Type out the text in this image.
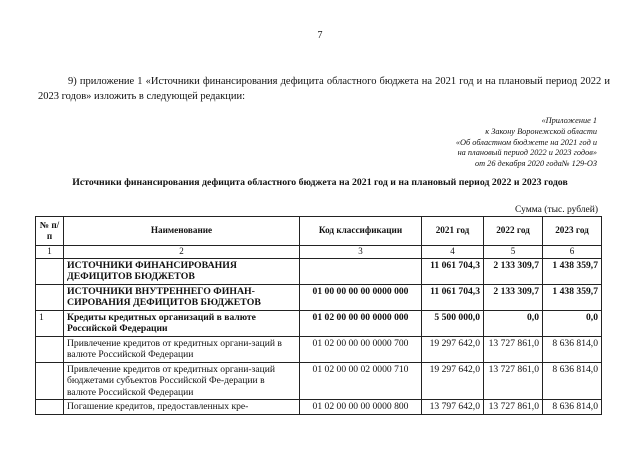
7
9) приложение 1 «Источники финансирования дефицита областного бюджета на 2021 год и на плановый период 2022 и 2023 годов» изложить в следующей редакции:
«Приложение 1
к Закону Воронежской области
«Об областном бюджете на 2021 год и
на плановый период 2022 и 2023 годов»
от 26 декабря 2020 года№ 129-ОЗ
Источники финансирования дефицита областного бюджета на 2021 год и на плановый период 2022 и 2023 годов
Сумма (тыс. рублей)
№ п/п	Наименование	Код классификации	2021 год	2022 год	2023 год
1	2	3	4	5	6
	ИСТОЧНИКИ ФИНАНСИРОВАНИЯ ДЕФИЦИТОВ БЮДЖЕТОВ		11 061 704,3	2 133 309,7	1 438 359,7
	ИСТОЧНИКИ ВНУТРЕННЕГО ФИНАН-СИРОВАНИЯ ДЕФИЦИТОВ БЮДЖЕТОВ	01 00 00 00 00 0000 000	11 061 704,3	2 133 309,7	1 438 359,7
1	Кредиты кредитных организаций в валюте Российской Федерации	01 02 00 00 00 0000 000	5 500 000,0	0,0	0,0
	Привлечение кредитов от кредитных органи-заций в валюте Российской Федерации	01 02 00 00 00 0000 700	19 297 642,0	13 727 861,0	8 636 814,0
	Привлечение кредитов от кредитных органи-заций бюджетами субъектов Российской Фе-дерации в валюте Российской Федерации	01 02 00 00 02 0000 710	19 297 642,0	13 727 861,0	8 636 814,0
	Погашение кредитов, предоставленных кре-	01 02 00 00 00 0000 800	13 797 642,0	13 727 861,0	8 636 814,0
